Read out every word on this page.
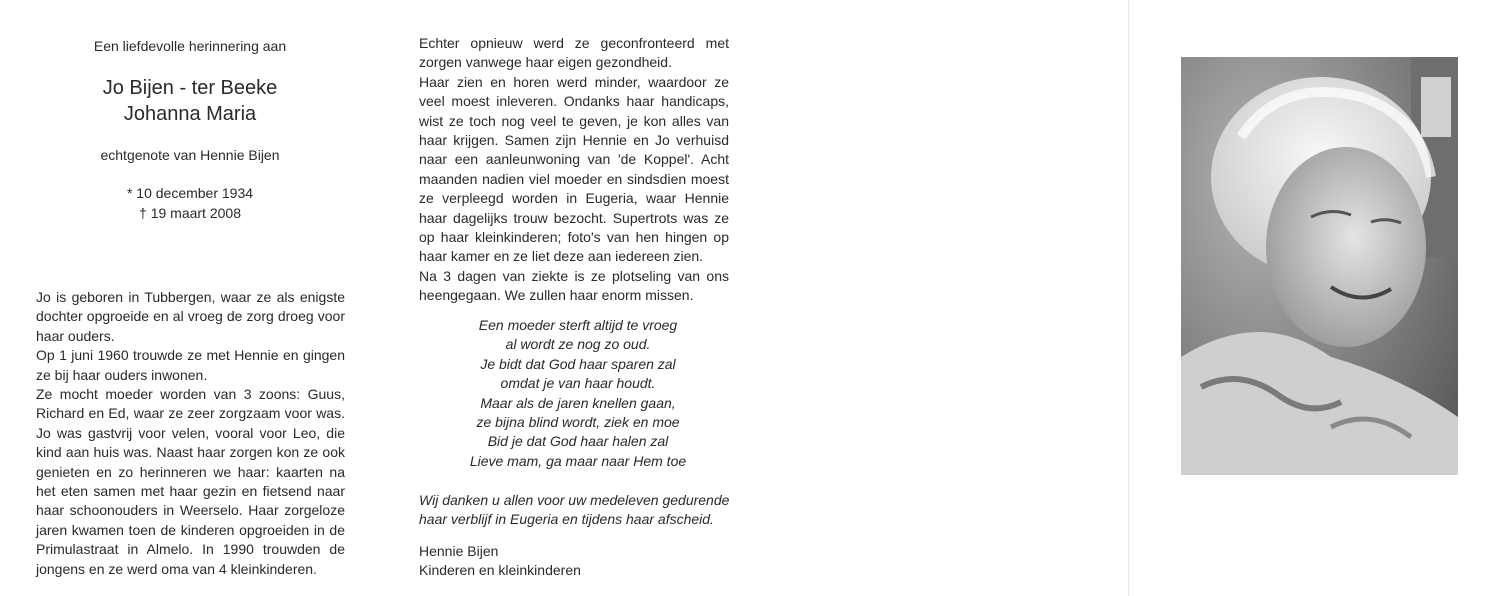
Een liefdevolle herinnering aan
Jo Bijen - ter Beeke
Johanna Maria
echtgenote van Hennie Bijen
* 10 december 1934
† 19 maart 2008

Jo is geboren in Tubbergen, waar ze als enigste dochter opgroeide en al vroeg de zorg droeg voor haar ouders.

Op 1 juni 1960 trouwde ze met Hennie en gingen ze bij haar ouders inwonen.

Ze mocht moeder worden van 3 zoons: Guus, Richard en Ed, waar ze zeer zorgzaam voor was. Jo was gastvrij voor velen, vooral voor Leo, die kind aan huis was. Naast haar zorgen kon ze ook genieten en zo herinneren we haar: kaarten na het eten samen met haar gezin en fietsend naar haar schoonouders in Weerselo. Haar zorgeloze jaren kwamen toen de kinderen opgroeiden in de Primulastraat in Almelo. In 1990 trouwden de jongens en ze werd oma van 4 kleinkinderen.

Echter opnieuw werd ze geconfronteerd met zorgen vanwege haar eigen gezondheid.

Haar zien en horen werd minder, waardoor ze veel moest inleveren. Ondanks haar handicaps, wist ze toch nog veel te geven, je kon alles van haar krijgen. Samen zijn Hennie en Jo verhuisd naar een aanleunwoning van 'de Koppel'. Acht maanden nadien viel moeder en sindsdien moest ze verpleegd worden in Eugeria, waar Hennie haar dagelijks trouw bezocht. Supertrots was ze op haar kleinkinderen; foto's van hen hingen op haar kamer en ze liet deze aan iedereen zien.

Na 3 dagen van ziekte is ze plotseling van ons heengegaan. We zullen haar enorm missen.

Een moeder sterft altijd te vroeg
al wordt ze nog zo oud.
Je bidt dat God haar sparen zal
omdat je van haar houdt.
Maar als de jaren knellen gaan,
ze bijna blind wordt, ziek en moe
Bid je dat God haar halen zal
Lieve mam, ga maar naar Hem toe
Wij danken u allen voor uw medeleven gedurende
haar verblijf in Eugeria en tijdens haar afscheid.
Hennie Bijen
Kinderen en kleinkinderen
